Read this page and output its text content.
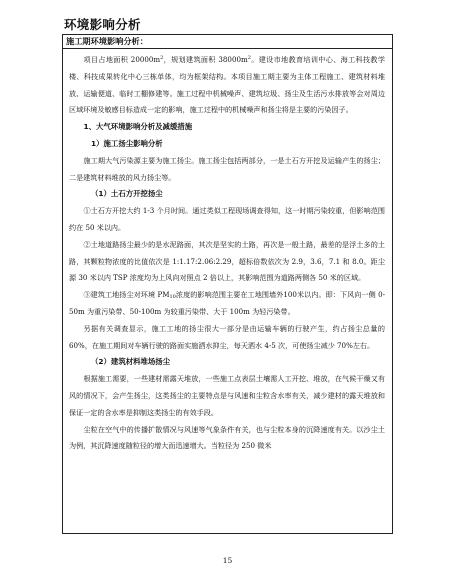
环境影响分析
施工期环境影响分析：

项目占地面积 $20000m^2$，规划建筑面积 $38000m^2$。建设市地教育培训中心、海工科技教学楼、科技成果转化中心三栋单体，均为框架结构。本项目施工期主要为主体工程施工、建筑材料堆放、运输便道、临时工棚修建等。施工过程中机械噪声、建筑垃圾、扬尘及生活污水排放等会对周边区域环境及敏感目标造成一定的影响，施工过程中的机械噪声和扬尘将是主要的污染因子。

1、大气环境影响分析及减缓措施

1）施工扬尘影响分析

施工期大气污染源主要为施工扬尘。施工扬尘包括两部分，一是土石方开挖及运输产生的扬尘；二是建筑材料堆放的风力扬尘等。

（1）土石方开挖扬尘

①土石方开挖大约 1-3 个月时间。通过类似工程现场调查得知，这一时期污染较重，但影响范围约在 50 米以内。

②土地道路扬尘最少的是水泥路面，其次是坚实的土路，再次是一般土路，最差的是浮土多的土路，其颗粒物浓度的比值依次是 1:1.17:2.06:2.29，超标倍数依次为 2.9，3.6，7.1 和 8.0。距尘源 30 米以内 TSP 浓度均为上风向对照点 2 倍以上，其影响范围为道路两侧各 50 米的区域。

③建筑工地扬尘对环境 $PM_{10}$浓度的影响范围主要在工地围墙外100米以内。即：下风向一侧 0-50m 为重污染带、50-100m 为较重污染带、大于 100m 为轻污染带。

另据有关调查显示，施工工地的扬尘很大一部分是由运输车辆的行驶产生，约占扬尘总量的 60%，在施工期间对车辆行驶的路面实施洒水抑尘，每天洒水 4-5 次，可使扬尘减少 70%左右。

（2）建筑材料堆场扬尘

根据施工需要，一些建材需露天堆放，一些施工点表层土壤需人工开挖、堆放，在气候干燥又有风的情况下，会产生扬尘，这类扬尘的主要特点是与风速和尘粒含水率有关，减少建材的露天堆放和保证一定的含水率是抑制这类扬尘的有效手段。

尘粒在空气中的传播扩散情况与风速等气象条件有关，也与尘粒本身的沉降速度有关。以沙尘土为例，其沉降速度随粒径的增大而迅速增大。当粒径为 250 微米

15
